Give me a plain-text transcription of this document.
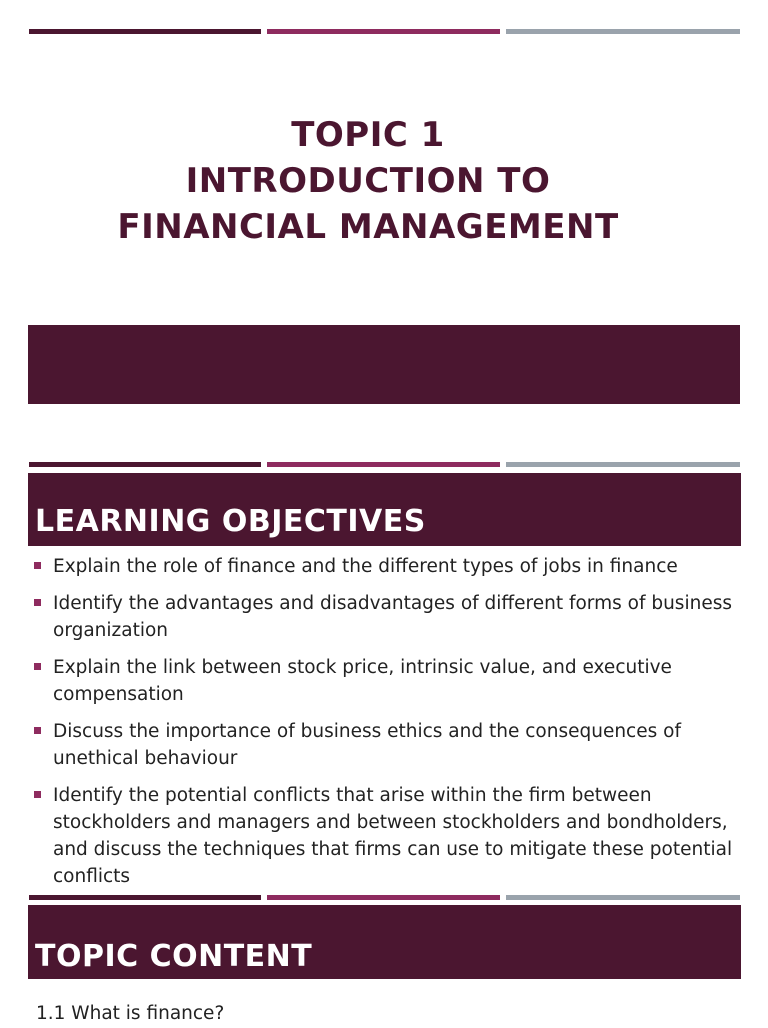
TOPIC 1
INTRODUCTION TO
FINANCIAL MANAGEMENT
LEARNING OBJECTIVES
Explain the role of finance and the different types of jobs in finance
Identify the advantages and disadvantages of different forms of business organization
Explain the link between stock price, intrinsic value, and executive compensation
Discuss the importance of business ethics and the consequences of unethical behaviour
Identify the potential conflicts that arise within the firm between stockholders and managers and between stockholders and bondholders, and discuss the techniques that firms can use to mitigate these potential conflicts
TOPIC CONTENT
1.1 What is finance?
